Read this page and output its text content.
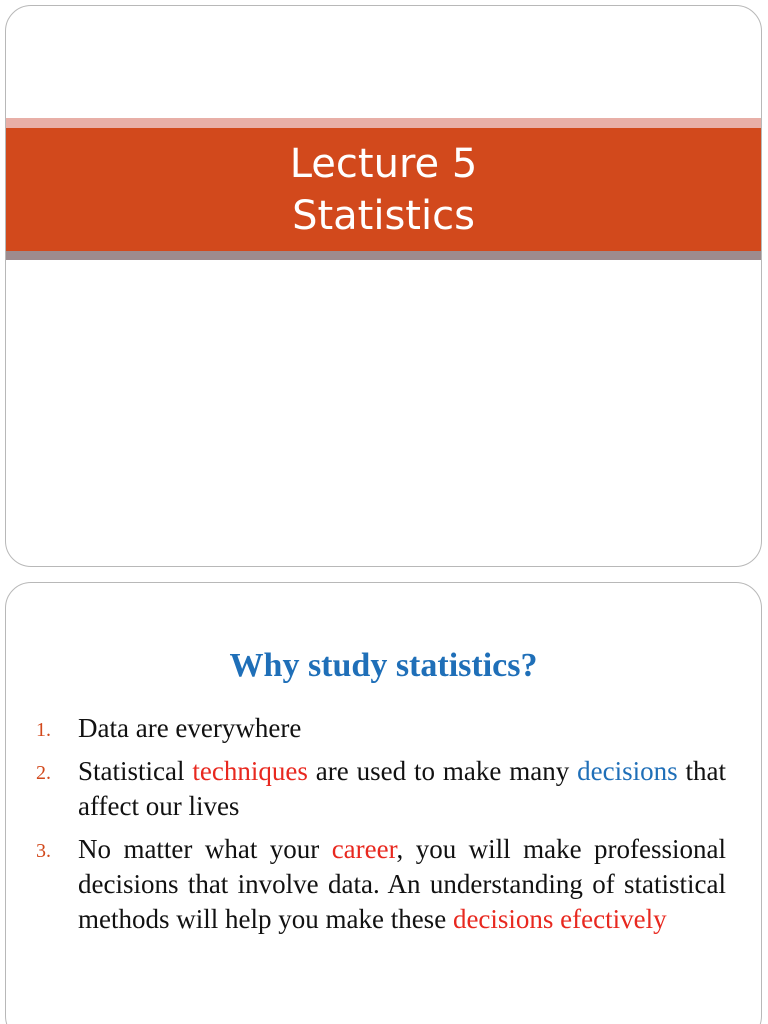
Lecture 5
Statistics
Why study statistics?
1. Data are everywhere
2. Statistical techniques are used to make many decisions that affect our lives
3. No matter what your career, you will make professional decisions that involve data. An understanding of statistical methods will help you make these decisions efectively
